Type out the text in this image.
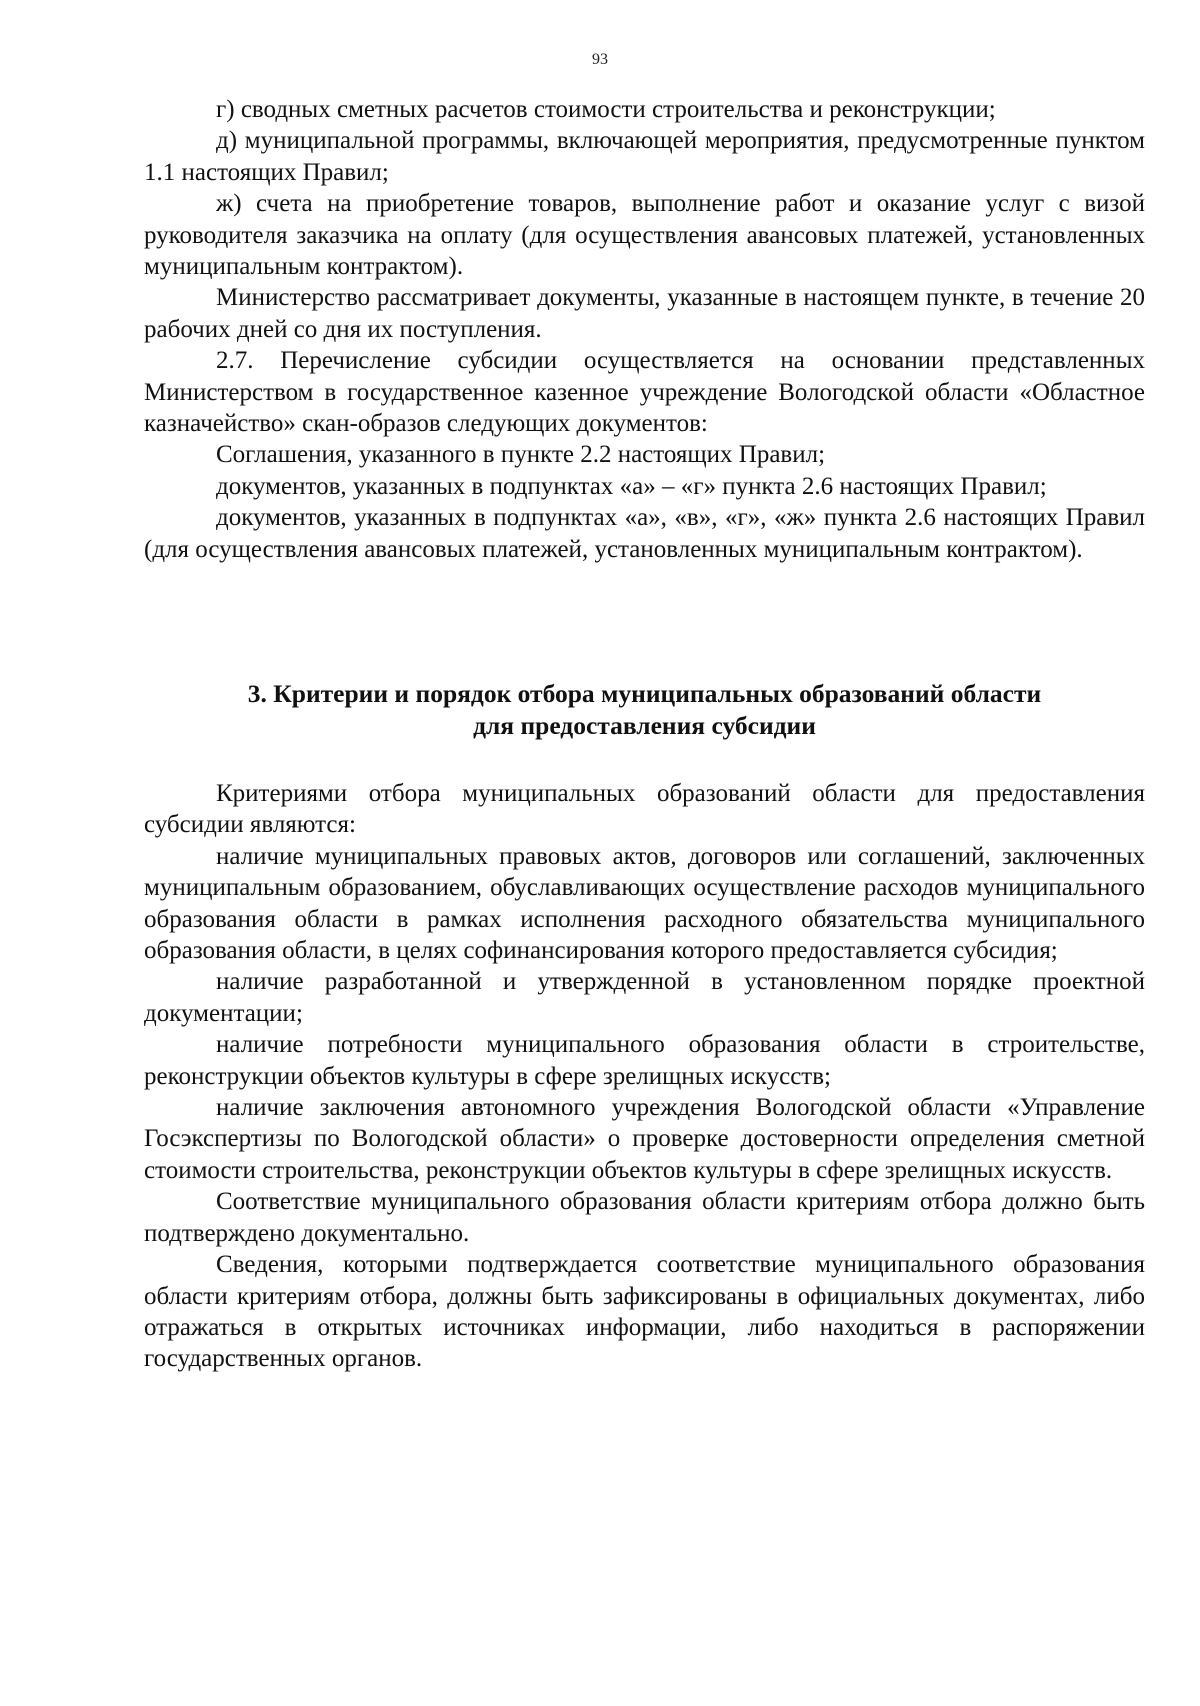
93

г) сводных сметных расчетов стоимости строительства и реконструкции;

д) муниципальной программы, включающей мероприятия, предусмотренные пунктом 1.1 настоящих Правил;

ж) счета на приобретение товаров, выполнение работ и оказание услуг с визой руководителя заказчика на оплату (для осуществления авансовых платежей, установленных муниципальным контрактом).

Министерство рассматривает документы, указанные в настоящем пункте, в течение 20 рабочих дней со дня их поступления.

2.7. Перечисление субсидии осуществляется на основании представленных Министерством в государственное казенное учреждение Вологодской области «Областное казначейство» скан-образов следующих документов:

Соглашения, указанного в пункте 2.2 настоящих Правил;

документов, указанных в подпунктах «а» – «г» пункта 2.6 настоящих Правил;

документов, указанных в подпунктах «а», «в», «г», «ж» пункта 2.6 настоящих Правил (для осуществления авансовых платежей, установленных муниципальным контрактом).

3. Критерии и порядок отбора муниципальных образований области
для предоставления субсидии

Критериями отбора муниципальных образований области для предоставления субсидии являются:

наличие муниципальных правовых актов, договоров или соглашений, заключенных муниципальным образованием, обуславливающих осуществление расходов муниципального образования области в рамках исполнения расходного обязательства муниципального образования области, в целях софинансирования которого предоставляется субсидия;

наличие разработанной и утвержденной в установленном порядке проектной документации;

наличие потребности муниципального образования области в строительстве, реконструкции объектов культуры в сфере зрелищных искусств;

наличие заключения автономного учреждения Вологодской области «Управление Госэкспертизы по Вологодской области» о проверке достоверности определения сметной стоимости строительства, реконструкции объектов культуры в сфере зрелищных искусств.

Соответствие муниципального образования области критериям отбора должно быть подтверждено документально.

Сведения, которыми подтверждается соответствие муниципального образования области критериям отбора, должны быть зафиксированы в официальных документах, либо отражаться в открытых источниках информации, либо находиться в распоряжении государственных органов.
